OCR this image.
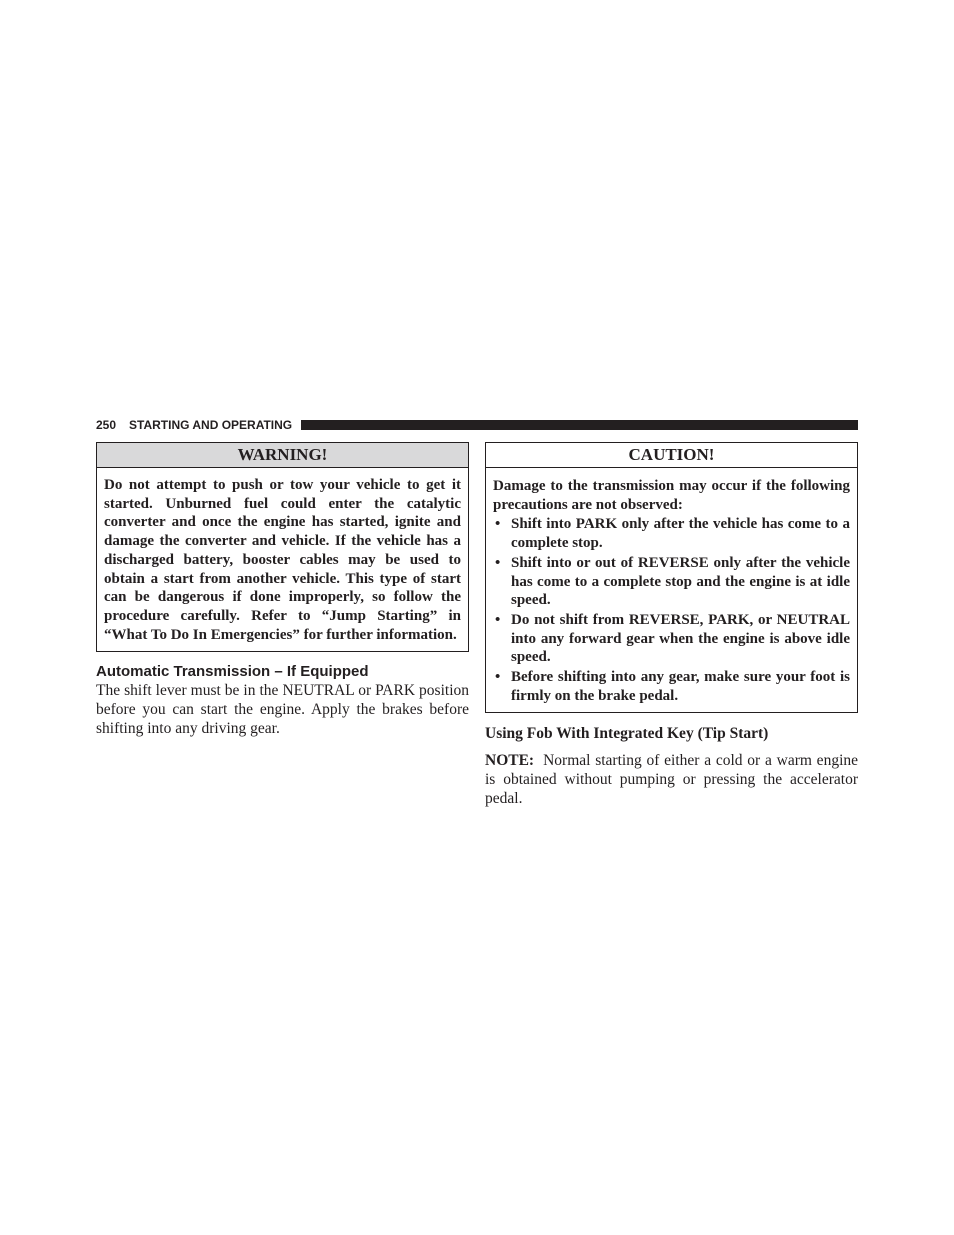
250 STARTING AND OPERATING
WARNING!
Do not attempt to push or tow your vehicle to get it started. Unburned fuel could enter the catalytic converter and once the engine has started, ignite and damage the converter and vehicle. If the vehicle has a discharged battery, booster cables may be used to obtain a start from another vehicle. This type of start can be dangerous if done improperly, so follow the procedure carefully. Refer to “Jump Starting” in “What To Do In Emergencies” for further information.
Automatic Transmission – If Equipped
The shift lever must be in the NEUTRAL or PARK position before you can start the engine. Apply the brakes before shifting into any driving gear.
CAUTION!
Damage to the transmission may occur if the following precautions are not observed:
• Shift into PARK only after the vehicle has come to a complete stop.
• Shift into or out of REVERSE only after the vehicle has come to a complete stop and the engine is at idle speed.
• Do not shift from REVERSE, PARK, or NEUTRAL into any forward gear when the engine is above idle speed.
• Before shifting into any gear, make sure your foot is firmly on the brake pedal.
Using Fob With Integrated Key (Tip Start)
NOTE: Normal starting of either a cold or a warm engine is obtained without pumping or pressing the accelerator pedal.
